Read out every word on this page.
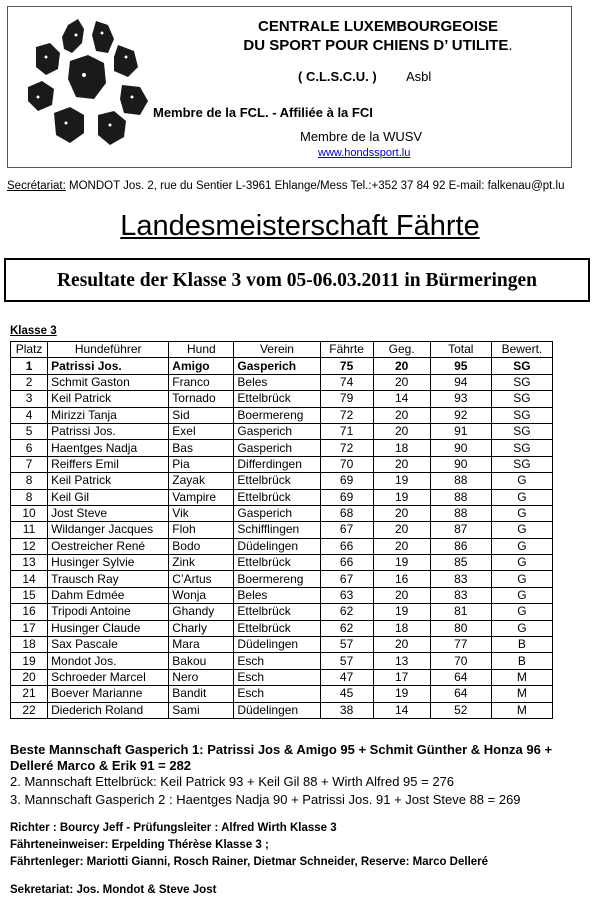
CENTRALE LUXEMBOURGEOISE
DU SPORT POUR CHIENS D’ UTILITE.
( C.L.S.C.U. ) Asbl
Membre de la FCL. - Affiliée à la FCI
Membre de la WUSV
www.hondssport.lu
Secrétariat: MONDOT Jos. 2, rue du Sentier L-3961 Ehlange/Mess Tel.:+352 37 84 92 E-mail: falkenau@pt.lu
Landesmeisterschaft Fährte
Resultate der Klasse 3 vom 05-06.03.2011 in Bürmeringen
Klasse 3
Platz	Hundeführer	Hund	Verein	Fährte	Geg.	Total	Bewert.
1	Patrissi Jos.	Amigo	Gasperich	75	20	95	SG
2	Schmit Gaston	Franco	Beles	74	20	94	SG
3	Keil Patrick	Tornado	Ettelbrück	79	14	93	SG
4	Mirizzi Tanja	Sid	Boermereng	72	20	92	SG
5	Patrissi Jos.	Exel	Gasperich	71	20	91	SG
6	Haentges Nadja	Bas	Gasperich	72	18	90	SG
7	Reiffers Emil	Pia	Differdingen	70	20	90	SG
8	Keil Patrick	Zayak	Ettelbrück	69	19	88	G
8	Keil Gil	Vampire	Ettelbrück	69	19	88	G
10	Jost Steve	Vik	Gasperich	68	20	88	G
11	Wildanger Jacques	Floh	Schifflingen	67	20	87	G
12	Oestreicher René	Bodo	Düdelingen	66	20	86	G
13	Husinger Sylvie	Zink	Ettelbrück	66	19	85	G
14	Trausch Ray	C’Artus	Boermereng	67	16	83	G
15	Dahm Edmée	Wonja	Beles	63	20	83	G
16	Tripodi Antoine	Ghandy	Ettelbrück	62	19	81	G
17	Husinger Claude	Charly	Ettelbrück	62	18	80	G
18	Sax Pascale	Mara	Düdelingen	57	20	77	B
19	Mondot Jos.	Bakou	Esch	57	13	70	B
20	Schroeder Marcel	Nero	Esch	47	17	64	M
21	Boever Marianne	Bandit	Esch	45	19	64	M
22	Diederich Roland	Sami	Düdelingen	38	14	52	M
Beste Mannschaft Gasperich 1: Patrissi Jos & Amigo 95 + Schmit Günther & Honza 96 + Delleré Marco & Erik 91 = 282
2. Mannschaft Ettelbrück: Keil Patrick 93 + Keil Gil 88 + Wirth Alfred 95 = 276
3. Mannschaft Gasperich 2 : Haentges Nadja 90 + Patrissi Jos. 91 + Jost Steve 88 = 269
Richter : Bourcy Jeff - Prüfungsleiter : Alfred Wirth Klasse 3
Fährteneinweiser: Erpelding Thérèse Klasse 3 ;
Fährtenleger: Mariotti Gianni, Rosch Rainer, Dietmar Schneider, Reserve: Marco Delleré
Sekretariat: Jos. Mondot & Steve Jost
